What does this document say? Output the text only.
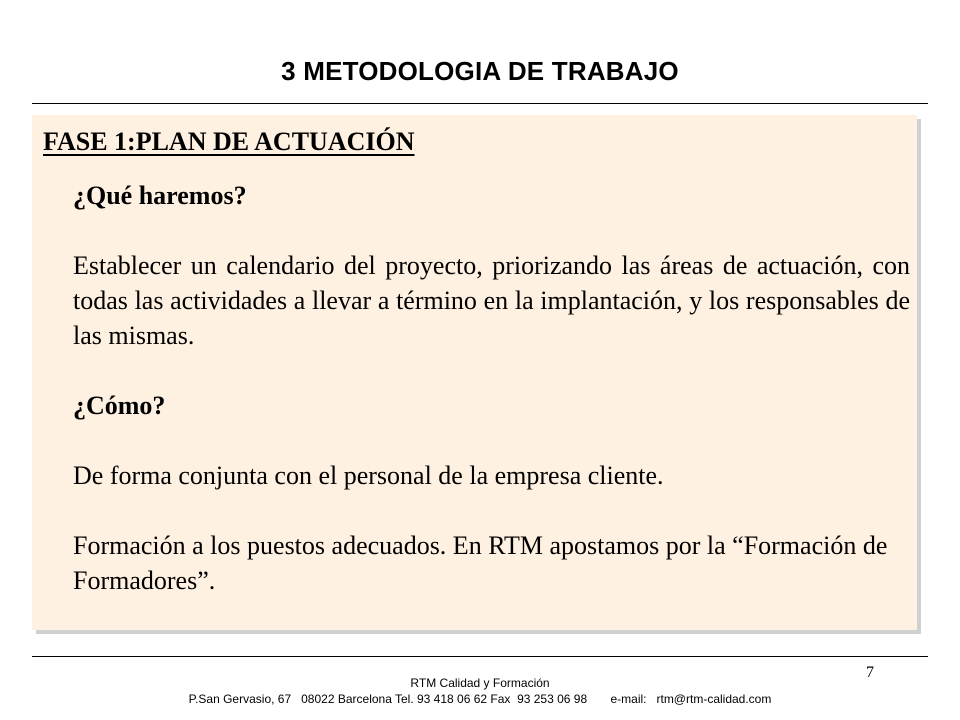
3 METODOLOGIA DE TRABAJO
FASE 1:PLAN DE ACTUACIÓN

¿Qué haremos?

Establecer un calendario del proyecto, priorizando las áreas de actuación, con todas las actividades a llevar a término en la implantación, y los responsables de las mismas.

¿Cómo?

De forma conjunta con el personal de la empresa cliente.

Formación a los puestos adecuados. En RTM apostamos por la “Formación de Formadores”.

7
RTM Calidad y Formación
P.San Gervasio, 67   08022 Barcelona Tel. 93 418 06 62 Fax  93 253 06 98       e-mail:   rtm@rtm-calidad.com
